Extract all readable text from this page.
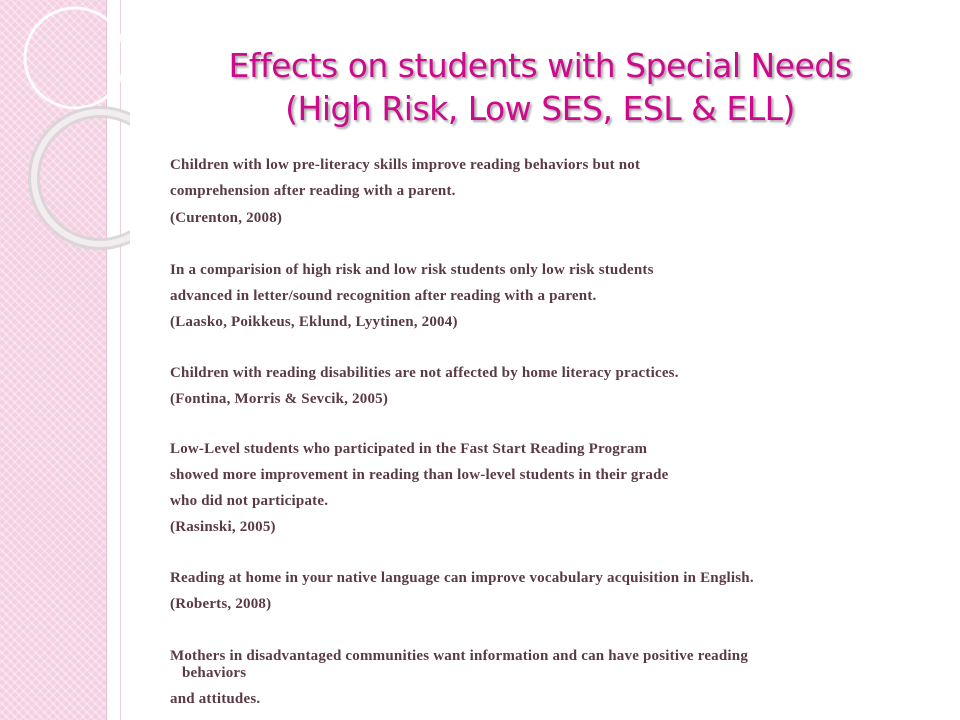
Effects on students with Special Needs
(High Risk, Low SES, ESL & ELL)
Children with low pre-literacy skills improve reading behaviors but not
comprehension after reading with a parent.
(Curenton, 2008)
In a comparision of high risk and low risk students only low risk students
advanced in letter/sound recognition after reading with a parent.
(Laasko, Poikkeus, Eklund, Lyytinen, 2004)
Children with reading disabilities are not affected by home literacy practices.
(Fontina, Morris & Sevcik, 2005)
Low-Level students who participated in the Fast Start Reading Program
showed more improvement in reading than low-level students in their grade
who did not participate.
(Rasinski, 2005)
Reading at home in your native language can improve vocabulary acquisition in English.
(Roberts, 2008)
Mothers in disadvantaged communities want information and can have positive reading
behaviors
and attitudes.
